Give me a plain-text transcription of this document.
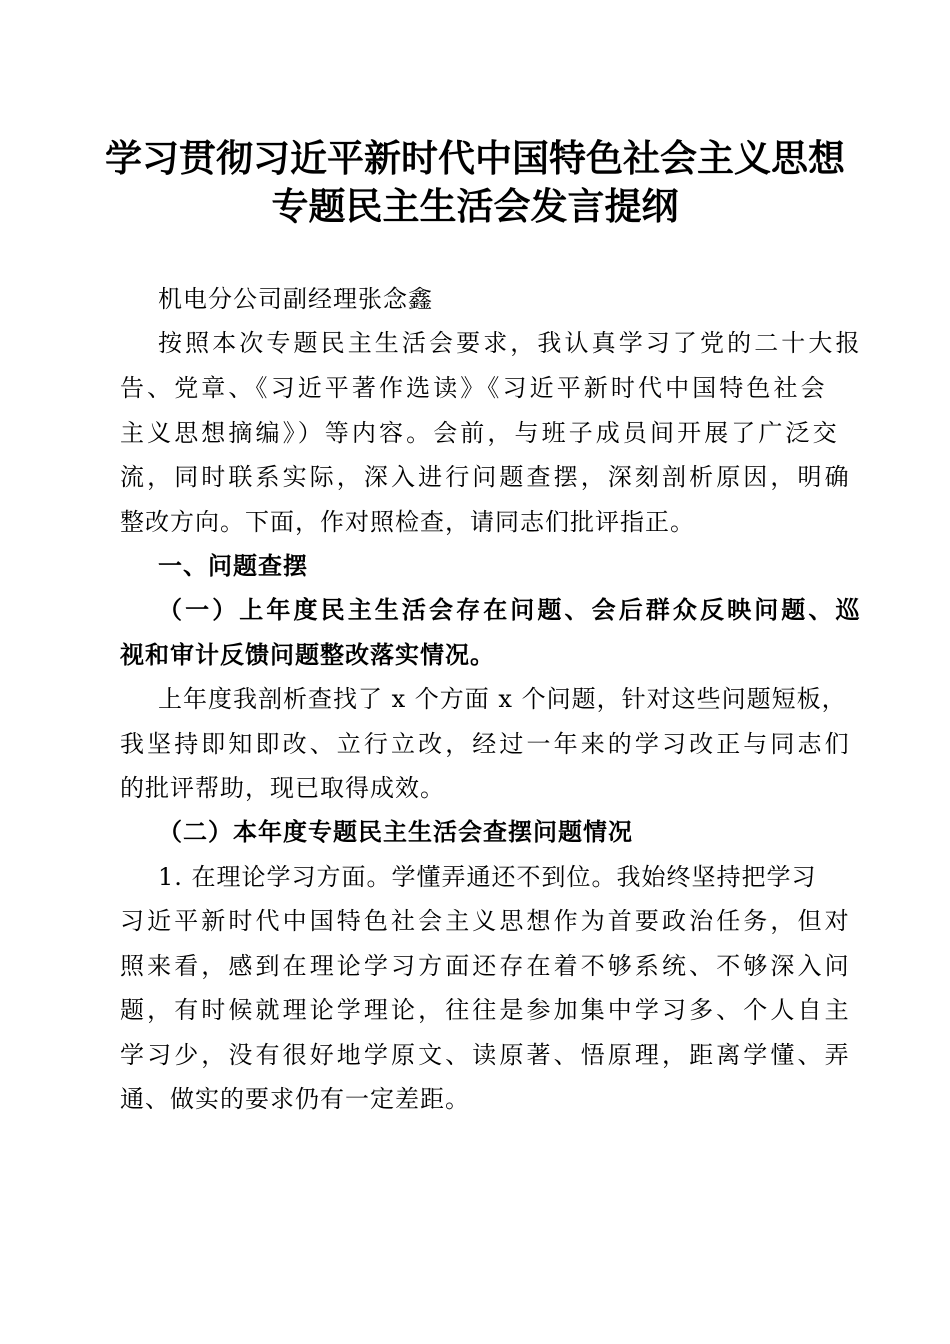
学习贯彻习近平新时代中国特色社会主义思想
专题民主生活会发言提纲
机电分公司副经理张念鑫
按照本次专题民主生活会要求，我认真学习了党的二十大报
告、党章、《习近平著作选读》《习近平新时代中国特色社会
主义思想摘编》）等内容。会前，与班子成员间开展了广泛交
流，同时联系实际，深入进行问题查摆，深刻剖析原因，明确
整改方向。下面，作对照检查，请同志们批评指正。
一、问题查摆
（一）上年度民主生活会存在问题、会后群众反映问题、巡
视和审计反馈问题整改落实情况。
上年度我剖析查找了 x 个方面 x 个问题，针对这些问题短板，
我坚持即知即改、立行立改，经过一年来的学习改正与同志们
的批评帮助，现已取得成效。
（二）本年度专题民主生活会查摆问题情况
1. 在理论学习方面。学懂弄通还不到位。我始终坚持把学习
习近平新时代中国特色社会主义思想作为首要政治任务，但对
照来看，感到在理论学习方面还存在着不够系统、不够深入问
题，有时候就理论学理论，往往是参加集中学习多、个人自主
学习少，没有很好地学原文、读原著、悟原理，距离学懂、弄
通、做实的要求仍有一定差距。
